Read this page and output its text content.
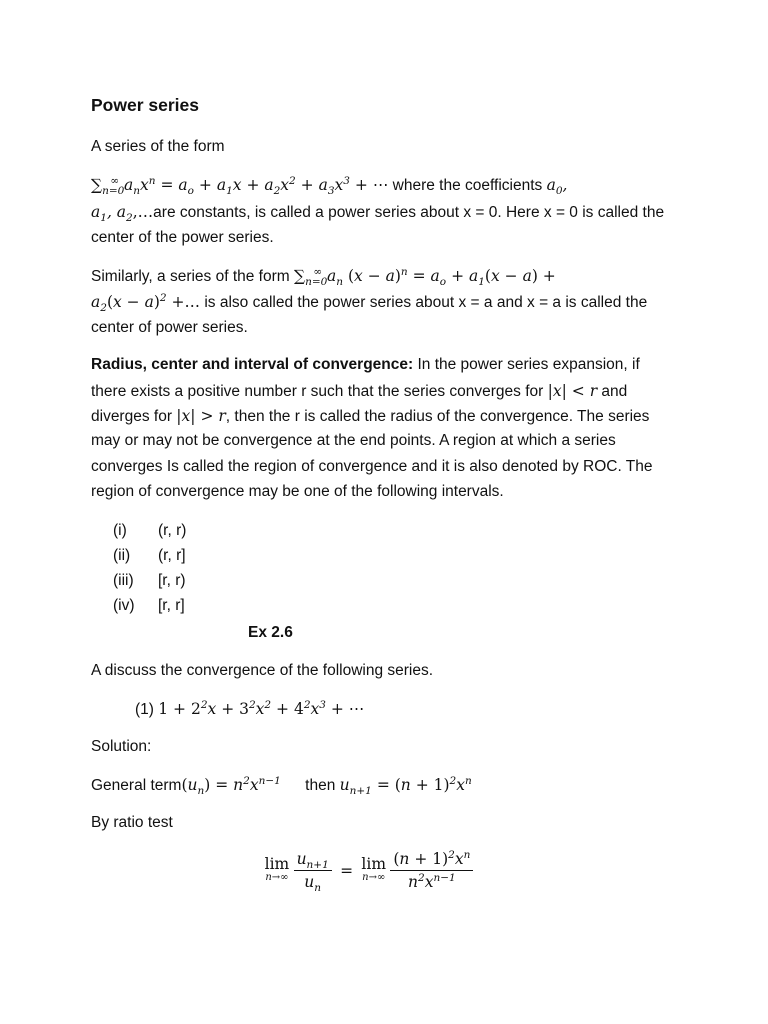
Power series
A series of the form
$\sum_{n=0}^\infty$ $a_nx^n = a_o + a_1x + a_2x^2 + a_3x^3$ + ⋯ where the coefficients $a_0$,
$a_1$, $a_2,\dots are$ constants, is called a power series about x = 0. Here x = 0 is called the
center of the power series.
Similarly, a series of the form $\sum_{n=0}^\infty$ $a_n$ $(x - a)^n = a_o + a_1(x - a)$ +
$a_2(x - a)^2$ +… is also called the power series about x = a and x = a is called the
center of power series.
Radius, center and interval of convergence: In the power series expansion, if
there exists a positive number r such that the series converges for |x| < r and
diverges for |x| > r, then the r is called the radius of the convergence. The series
may or may not be convergence at the end points. A region at which a series
converges Is called the region of convergence and it is also denoted by ROC. The
region of convergence may be one of the following intervals.
(i) (r, r)
(ii) (r, r]
(iii) [r, r)
(iv) [r, r]
Ex 2.6
A discuss the convergence of the following series.
(1) $1 + 2^2x + 3^2x^2 + 4^2x^3$ + ⋯
Solution:
General $term(u_n) = n^2x^{n-1}$ then $u_{n+1} = (n + 1)^2x^n$
By ratio test
lim
n→∞
$\frac{u_{n+1}}{u_n} = \lim$
n→∞
$\frac{(n + 1)^2x^n}{n^2x^{n-1}}$
